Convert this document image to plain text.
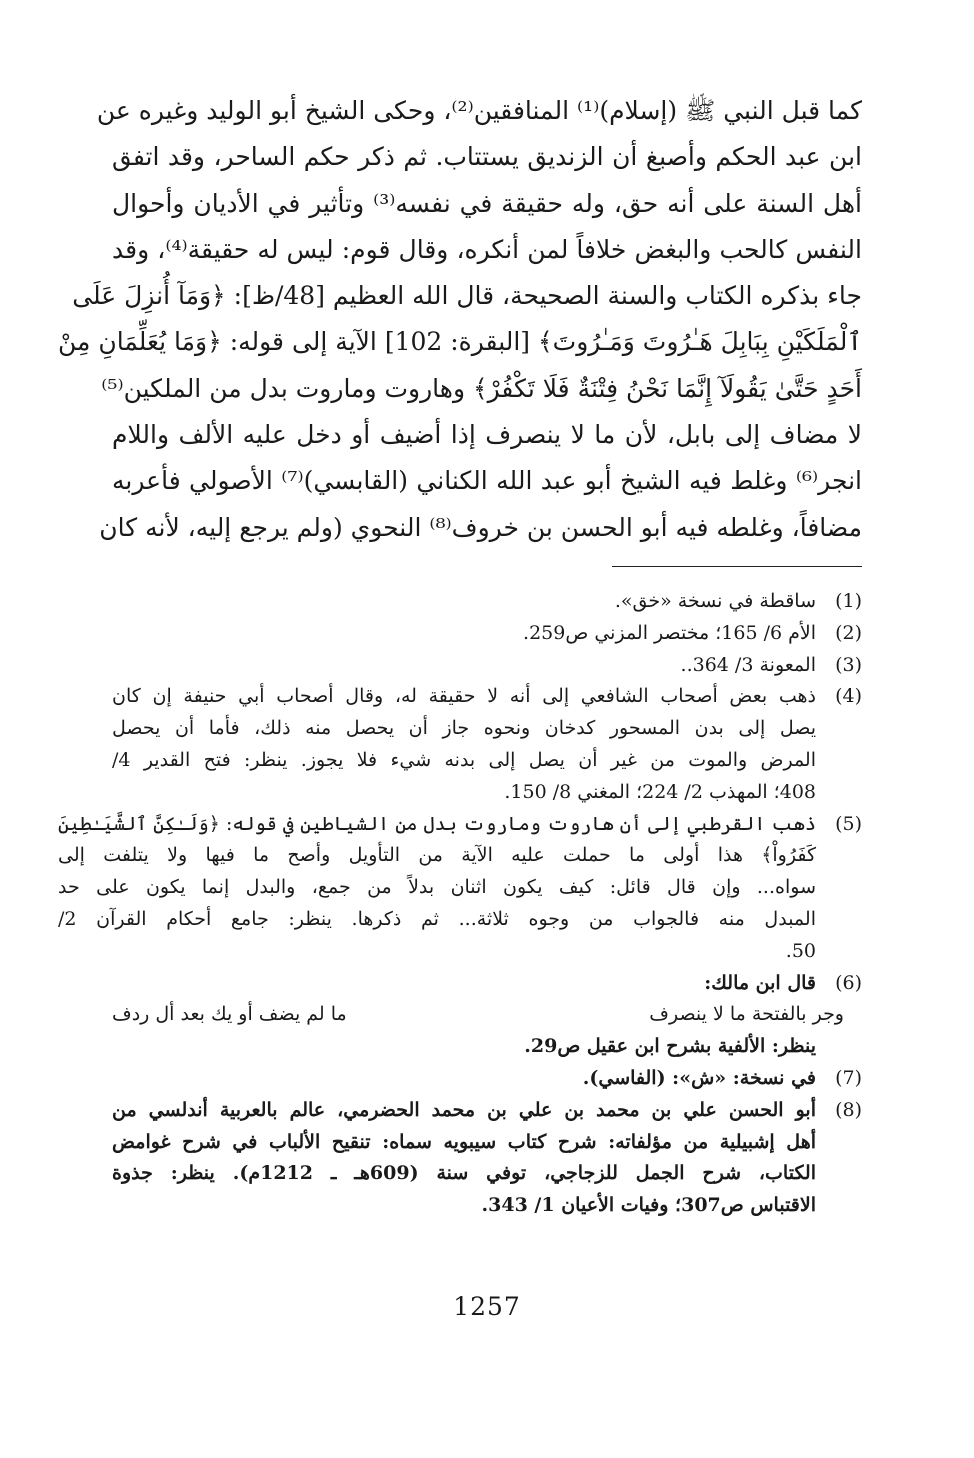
كما قبل النبي ﷺ (إسلام)⁽¹⁾ المنافقين⁽²⁾، وحكى الشيخ أبو الوليد وغيره عن
ابن عبد الحكم وأصبغ أن الزنديق يستتاب. ثم ذكر حكم الساحر، وقد اتفق
أهل السنة على أنه حق، وله حقيقة في نفسه⁽³⁾ وتأثير في الأديان وأحوال
النفس كالحب والبغض خلافاً لمن أنكره، وقال قوم: ليس له حقيقة⁽⁴⁾، وقد
جاء بذكره الكتاب والسنة الصحيحة، قال الله العظيم [48/ظ]: ﴿وَمَآ أُنزِلَ عَلَى
ٱلْمَلَكَيْنِ بِبَابِلَ هَـٰرُوتَ وَمَـٰرُوتَ﴾ [البقرة: 102] الآية إلى قوله: ﴿وَمَا يُعَلِّمَانِ مِنْ
أَحَدٍ حَتَّىٰ يَقُولَآ إِنَّمَا نَحْنُ فِتْنَةٌ فَلَا تَكْفُرْ﴾ وهاروت وماروت بدل من الملكين⁽⁵⁾
لا مضاف إلى بابل، لأن ما لا ينصرف إذا أضيف أو دخل عليه الألف واللام
انجر⁽⁶⁾ وغلط فيه الشيخ أبو عبد الله الكناني (القابسي)⁽⁷⁾ الأصولي فأعربه
مضافاً، وغلطه فيه أبو الحسن بن خروف⁽⁸⁾ النحوي (ولم يرجع إليه، لأنه كان
(1)
ساقطة في نسخة «خق».
(2)
الأم 6/ 165؛ مختصر المزني ص259.
(3)
المعونة 3/ 364..
(4)
ذهب بعض أصحاب الشافعي إلى أنه لا حقيقة له، وقال أصحاب أبي حنيفة إن كان
يصل إلى بدن المسحور كدخان ونحوه جاز أن يحصل منه ذلك، فأما أن يحصل
المرض والموت من غير أن يصل إلى بدنه شيء فلا يجوز. ينظر: فتح القدير 4/
408؛ المهذب 2/ 224؛ المغني 8/ 150.
(5)
ذهب القرطبي إلى أن هاروت وماروت بدل من الشياطين في قوله: ﴿وَلَـٰكِنَّ ٱلشَّيَـٰطِينَ
كَفَرُواْ﴾ هذا أولى ما حملت عليه الآية من التأويل وأصح ما فيها ولا يتلفت إلى
سواه... وإن قال قائل: كيف يكون اثنان بدلاً من جمع، والبدل إنما يكون على حد
المبدل منه فالجواب من وجوه ثلاثة... ثم ذكرها. ينظر: جامع أحكام القرآن 2/
50.
(6)
قال ابن مالك:
وجر بالفتحة ما لا ينصرف
ما لم يضف أو يك بعد أل ردف
ينظر: الألفية بشرح ابن عقيل ص29.
(7)
في نسخة: «ش»: (الفاسي).
(8)
أبو الحسن علي بن محمد بن علي بن محمد الحضرمي، عالم بالعربية أندلسي من
أهل إشبيلية من مؤلفاته: شرح كتاب سيبويه سماه: تنقيح الألباب في شرح غوامض
الكتاب، شرح الجمل للزجاجي، توفي سنة (609هـ ـ 1212م). ينظر: جذوة
الاقتباس ص307؛ وفيات الأعيان 1/ 343.
1257
